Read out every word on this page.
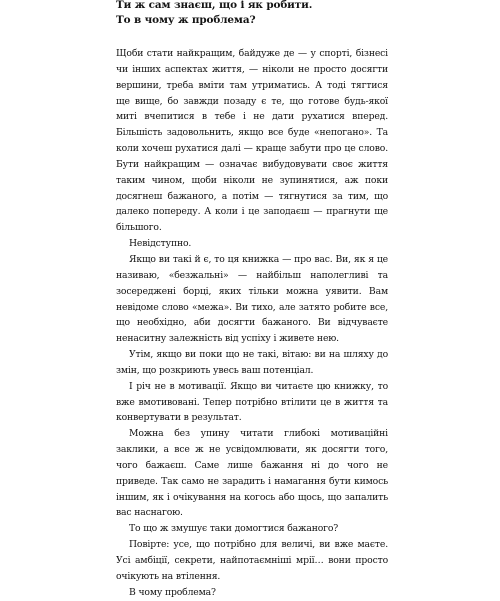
Ти ж сам знаєш, що і як робити.

То в чому ж проблема?

Щоби стати найкращим, байдуже де — у спорті, бізнесі чи інших аспектах життя, — ніколи не просто досягти вершини, треба вміти там утриматись. А тоді тягтися ще вище, бо завжди позаду є те, що готове будь-якої миті вчепитися в тебе і не дати рухатися вперед. Більшість задовольнить, якщо все буде «непогано». Та коли хочеш рухатися далі — краще забути про це слово. Бути найкращим — означає вибудовувати своє життя таким чином, щоби ніколи не зупинятися, аж поки досягнеш бажаного, а потім — тягнутися за тим, що далеко попереду. А коли і це заподаєш — прагнути ще більшого.

Невідступно.

Якщо ви такі й є, то ця книжка — про вас. Ви, як я це називаю, «безжальні» — найбільш наполегливі та зосереджені борці, яких тільки можна уявити. Вам невідоме слово «межа». Ви тихо, але затято робите все, що необхідно, аби досягти бажаного. Ви відчуваєте ненаситну залежність від успіху і живете нею.

Утім, якщо ви поки що не такі, вітаю: ви на шляху до змін, що розкриють увесь ваш потенціал.

І річ не в мотивації. Якщо ви читаєте цю книжку, то вже вмотивовані. Тепер потрібно втілити це в життя та конвертувати в результат.

Можна без упину читати глибокі мотиваційні заклики, а все ж не усвідомлювати, як досягти того, чого бажаєш. Саме лише бажання ні до чого не приведе. Так само не зарадить і намагання бути кимось іншим, як і очікування на когось або щось, що запалить вас наснагою.

То що ж змушує таки домогтися бажаного?

Повірте: усе, що потрібно для величі, ви вже маєте. Усі амбіції, секрети, найпотаємніші мрії… вони просто очікують на втілення.

В чому проблема?
